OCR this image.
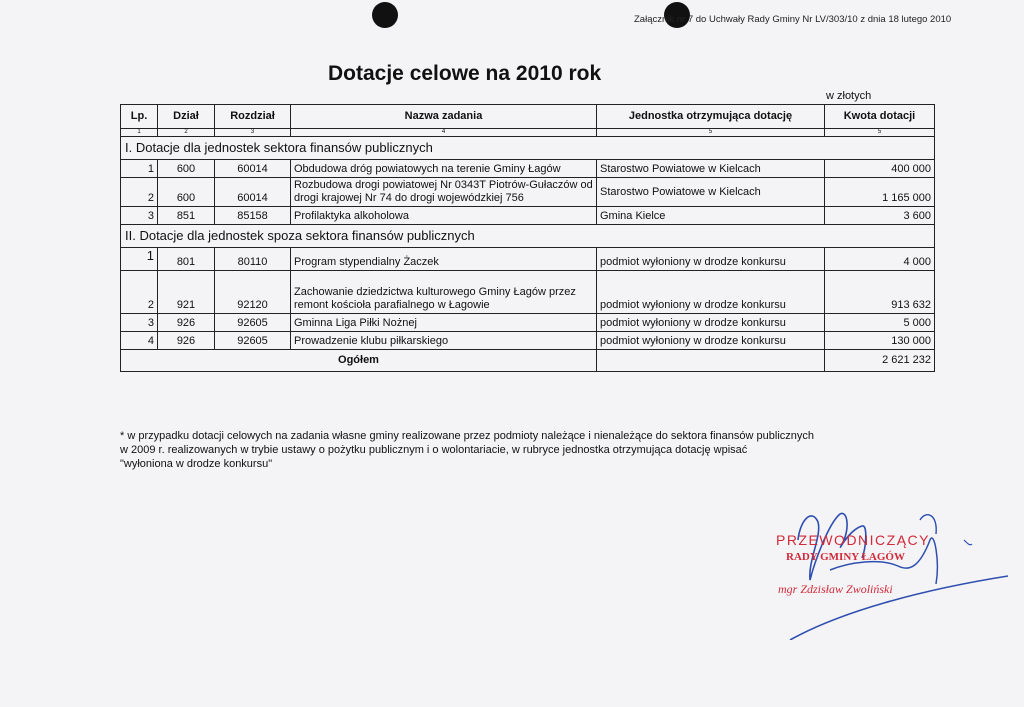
Załącznik nr 7 do Uchwały Rady Gminy Nr LV/303/10 z dnia 18 lutego 2010
Dotacje celowe na 2010 rok
w złotych
Lp.	Dział	Rozdział	Nazwa zadania	Jednostka otrzymująca dotację	Kwota dotacji
1	2	3	4	5	5
I. Dotacje dla jednostek sektora finansów publicznych					
1	600	60014	Obdudowa dróg powiatowych na terenie Gminy Łagów	Starostwo Powiatowe w Kielcach	400 000
2	600	60014	Rozbudowa drogi powiatowej Nr 0343T Piotrów-Gułaczów od drogi krajowej Nr 74 do drogi wojewódzkiej 756	Starostwo Powiatowe w Kielcach	1 165 000
3	851	85158	Profilaktyka alkoholowa	Gmina Kielce	3 600
II. Dotacje dla jednostek spoza sektora finansów publicznych					
1	801	80110	Program stypendialny Żaczek	podmiot wyłoniony w drodze konkursu	4 000
2	921	92120	Zachowanie dziedzictwa kulturowego Gminy Łagów przez remont kościoła parafialnego w Łagowie	podmiot wyłoniony w drodze konkursu	913 632
3	926	92605	Gminna Liga Piłki Nożnej	podmiot wyłoniony w drodze konkursu	5 000
4	926	92605	Prowadzenie klubu piłkarskiego	podmiot wyłoniony w drodze konkursu	130 000
Ogółem					2 621 232
* w przypadku dotacji celowych na zadania własne gminy realizowane przez podmioty należące i nienależące do sektora finansów publicznych
w 2009 r. realizowanych w trybie ustawy o pożytku publicznym i o wolontariacie, w rubryce jednostka otrzymująca dotację wpisać
"wyłoniona w drodze konkursu"
PRZEWODNICZĄCY
RADY GMINY ŁAGÓW
mgr Zdzisław Zwoliński
